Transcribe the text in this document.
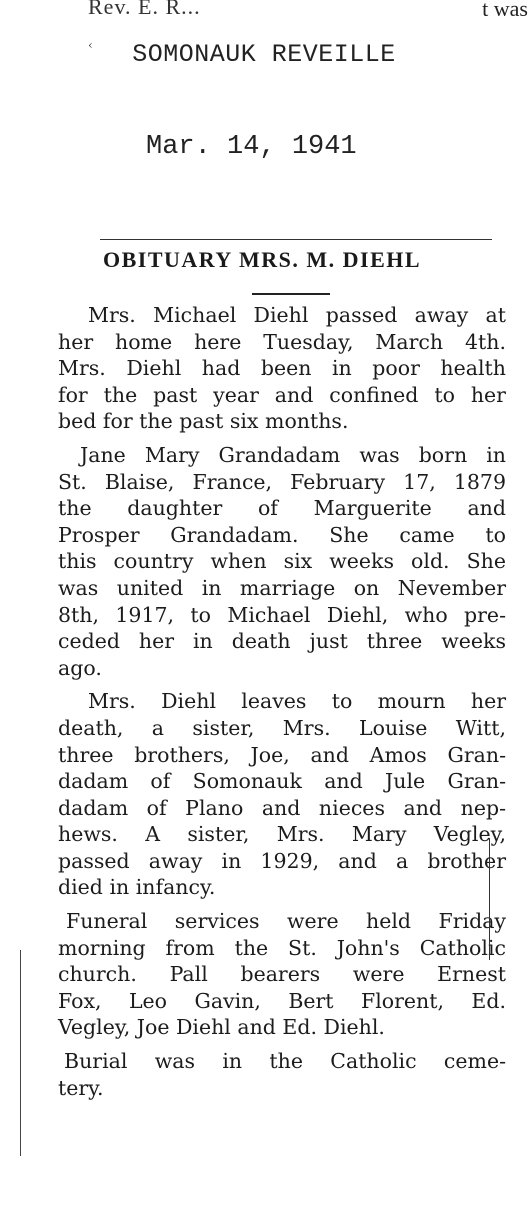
Rev. E. R...	t was
‹	SOMONAUK REVEILLE
Mar. 14, 1941
OBITUARY MRS. M. DIEHL

Mrs. Michael Diehl passed away at
her home here Tuesday, March 4th.
Mrs. Diehl had been in poor health
for the past year and confined to her
bed for the past six months.

Jane Mary Grandadam was born in
St. Blaise, France, February 17, 1879
the daughter of Marguerite and
Prosper Grandadam. She came to
this country when six weeks old. She
was united in marriage on Nevember
8th, 1917, to Michael Diehl, who pre-
ceded her in death just three weeks
ago.

Mrs. Diehl leaves to mourn her
death, a sister, Mrs. Louise Witt,
three brothers, Joe, and Amos Gran-
dadam of Somonauk and Jule Gran-
dadam of Plano and nieces and nep-
hews. A sister, Mrs. Mary Vegley,
passed away in 1929, and a brother
died in infancy.

Funeral services were held Friday
morning from the St. John's Catholic
church. Pall bearers were Ernest
Fox, Leo Gavin, Bert Florent, Ed.
Vegley, Joe Diehl and Ed. Diehl.

Burial was in the Catholic ceme-
tery.
